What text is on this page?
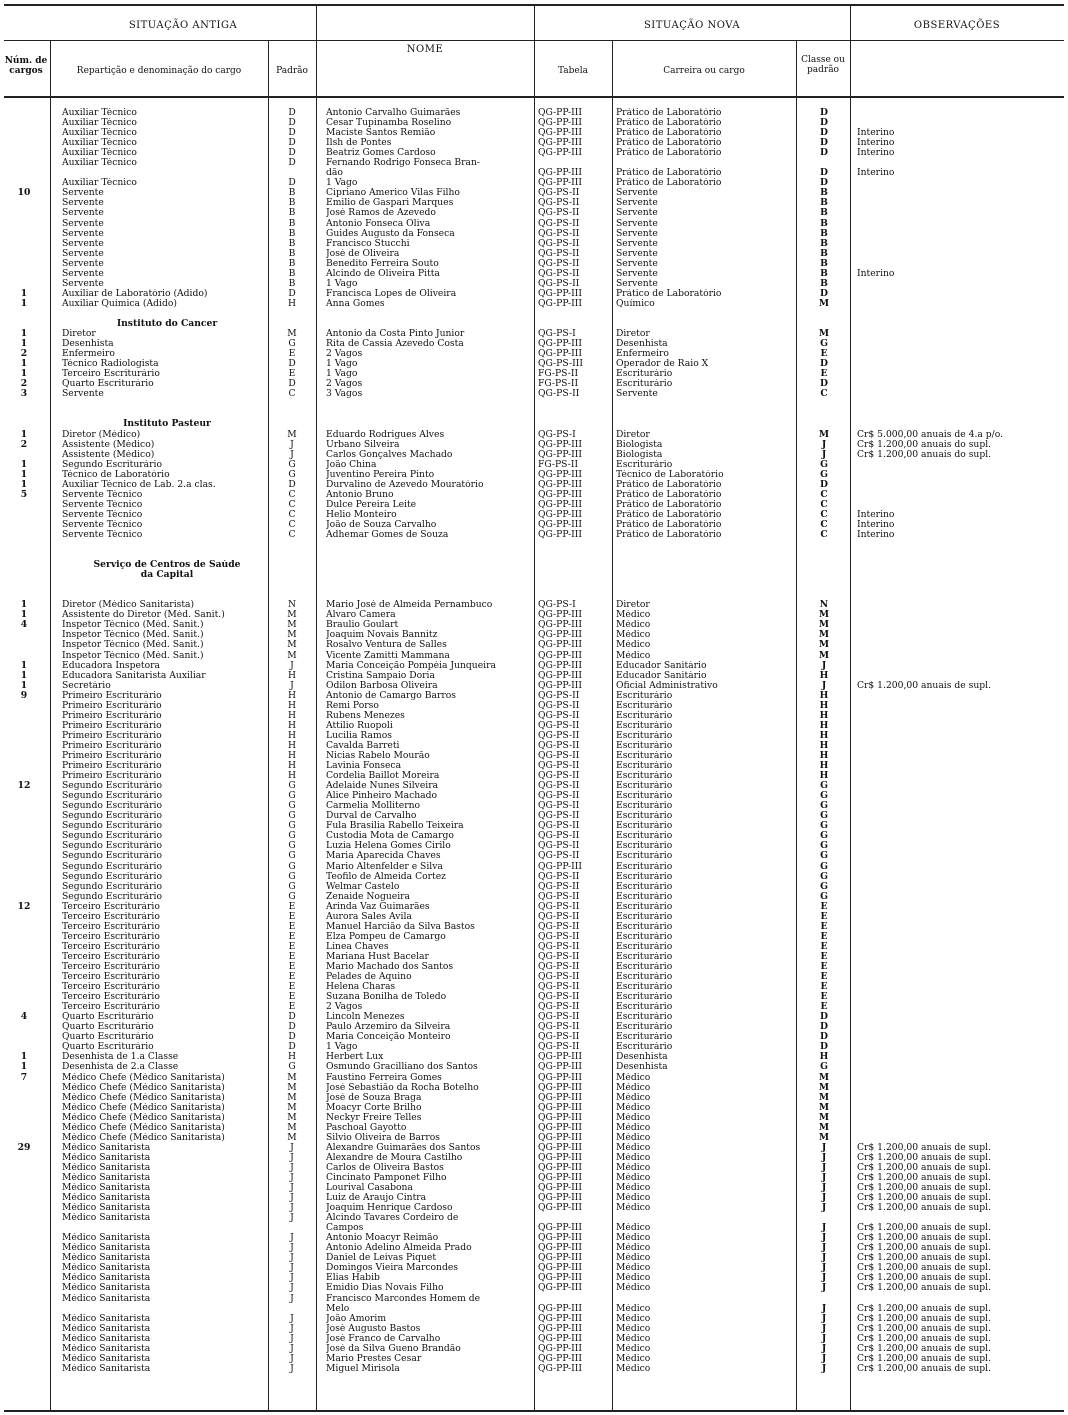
SITUAÇÃO ANTIGA
NOME
SITUAÇÃO NOVA	OBSERVAÇÕES
Núm. de cargos	Repartição e denominação do cargo	Padrão	Tabela	Carreira ou cargo
Classe ou padrão
Auxiliar Técnico	D	Antonio Carvalho Guimarães	QG-PP-III	Prático de Laboratório	D
Auxiliar Técnico	D	Cesar Tupinamba Roselino	QG-PP-III	Prático de Laboratório	D
Auxiliar Técnico	D	Maciste Santos Remião	QG-PP-III	Prático de Laboratório	D	Interino
Auxiliar Técnico	D	Ilsh de Pontes	QG-PP-III	Prático de Laboratório	D	Interino
Auxiliar Técnico	D	Beatriz Gomes Cardoso	QG-PP-III	Prático de Laboratório	D	Interino
Auxiliar Técnico	D	Fernando Rodrigo Fonseca Bran-
dão	QG-PP-III	Prático de Laboratório	D	Interino
Auxiliar Técnico	D	1 Vago	QG-PP-III	Prático de Laboratório	D
10	Servente	B	Cipriano Americo Vilas Filho	QG-PS-II	Servente	B
Servente	B	Emilio de Gaspari Marques	QG-PS-II	Servente	B
Servente	B	José Ramos de Azevedo	QG-PS-II	Servente	B
Servente	B	Antonio Fonseca Oliva	QG-PS-II	Servente	B
Servente	B	Guides Augusto da Fonseca	QG-PS-II	Servente	B
Servente	B	Francisco Stucchi	QG-PS-II	Servente	B
Servente	B	José de Oliveira	QG-PS-II	Servente	B
Servente	B	Benedito Ferreira Souto	QG-PS-II	Servente	B
Servente	B	Alcindo de Oliveira Pitta	QG-PS-II	Servente	B	Interino
Servente	B	1 Vago	QG-PS-II	Servente	B
1	Auxiliar de Laboratório (Adido)	D	Francisca Lopes de Oliveira	QG-PP-III	Prático de Laboratório	D
1	Auxiliar Química (Adido)	H	Anna Gomes	QG-PP-III	Químico	M
Instituto do Cancer
1	Diretor	M	Antonio da Costa Pinto Junior	QG-PS-I	Diretor	M
1	Desenhista	G	Rita de Cassia Azevedo Costa	QG-PP-III	Desenhista	G
2	Enfermeiro	E	2 Vagos	QG-PP-III	Enfermeiro	E
1	Técnico Radiologista	D	1 Vago	QG-PS-III	Operador de Raio X	D
1	Terceiro Escriturário	E	1 Vago	FG-PS-II	Escriturário	E
2	Quarto Escriturário	D	2 Vagos	FG-PS-II	Escriturário	D
3	Servente	C	3 Vagos	QG-PS-II	Servente	C
Instituto Pasteur
1	Diretor (Médico)	M	Eduardo Rodrigues Alves	QG-PS-I	Diretor	M	Cr$ 5.000,00 anuais de 4.a p/o.
2	Assistente (Médico)	J	Urbano Silveira	QG-PP-III	Biologista	J	Cr$ 1.200,00 anuais do supl.
Assistente (Médico)	J	Carlos Gonçalves Machado	QG-PP-III	Biologista	J	Cr$ 1.200,00 anuais do supl.
1	Segundo Escriturário	G	João China	FG-PS-II	Escriturário	G
1	Técnico de Laboratório	G	Juventino Pereira Pinto	QG-PP-III	Técnico de Laboratório	G
1	Auxiliar Técnico de Lab. 2.a clas.	D	Durvalino de Azevedo Mouratório	QG-PP-III	Prático de Laboratório	D
5	Servente Técnico	C	Antonio Bruno	QG-PP-III	Prático de Laboratório	C
Servente Técnico	C	Dulce Pereira Leite	QG-PP-III	Prático de Laboratório	C
Servente Técnico	C	Helio Monteiro	QG-PP-III	Prático de Laboratório	C	Interino
Servente Técnico	C	João de Souza Carvalho	QG-PP-III	Prático de Laboratório	C	Interino
Servente Técnico	C	Adhemar Gomes de Souza	QG-PP-III	Prático de Laboratório	C	Interino
Serviço de Centros de Saúde
da Capital
1	Diretor (Médico Sanitarista)	N	Mario José de Almeida Pernambuco	QG-PS-I	Diretor	N
1	Assistente do Diretor (Méd. Sanit.)	M	Alvaro Camera	QG-PP-III	Médico	M
4	Inspetor Técnico (Méd. Sanit.)	M	Braulio Goulart	QG-PP-III	Médico	M
Inspetor Técnico (Méd. Sanit.)	M	Joaquim Novais Bannitz	QG-PP-III	Médico	M
Inspetor Técnico (Méd. Sanit.)	M	Rosalvo Ventura de Salles	QG-PP-III	Médico	M
Inspetor Técnico (Méd. Sanit.)	M	Vicente Zamitti Mammana	QG-PP-III	Médico	M
1	Educadora Inspetora	J	Maria Conceição Pompéia Junqueira	QG-PP-III	Educador Sanitário	J
1	Educadora Sanitarista Auxiliar	H	Cristina Sampaio Doria	QG-PP-III	Educador Sanitário	H
1	Secretário	J	Odilon Barbosa Oliveira	QG-PP-III	Oficial Administrativo	J	Cr$ 1.200,00 anuais de supl.
9	Primeiro Escriturário	H	Antonio de Camargo Barros	QG-PS-II	Escriturário	H
Primeiro Escriturário	H	Remi Porso	QG-PS-II	Escriturário	H
Primeiro Escriturário	H	Rubens Menezes	QG-PS-II	Escriturário	H
Primeiro Escriturário	H	Attilio Ruopoli	QG-PS-II	Escriturário	H
Primeiro Escriturário	H	Lucilia Ramos	QG-PS-II	Escriturário	H
Primeiro Escriturário	H	Cavalda Barreti	QG-PS-II	Escriturário	H
Primeiro Escriturário	H	Nicias Rabelo Mourão	QG-PS-II	Escriturário	H
Primeiro Escriturário	H	Lavinia Fonseca	QG-PS-II	Escriturário	H
Primeiro Escriturário	H	Cordelia Baillot Moreira	QG-PS-II	Escriturário	H
12	Segundo Escriturário	G	Adelaide Nunes Silveira	QG-PS-II	Escriturário	G
Segundo Escriturário	G	Alice Pinheiro Machado	QG-PS-II	Escriturário	G
Segundo Escriturário	G	Carmelia Molliterno	QG-PS-II	Escriturário	G
Segundo Escriturário	G	Durval de Carvalho	QG-PS-II	Escriturário	G
Segundo Escriturário	G	Fula Brasilia Rabello Teixeira	QG-PS-II	Escriturário	G
Segundo Escriturário	G	Custodia Mota de Camargo	QG-PS-II	Escriturário	G
Segundo Escriturário	G	Luzia Helena Gomes Cirilo	QG-PS-II	Escriturário	G
Segundo Escriturário	G	Maria Aparecida Chaves	QG-PS-II	Escriturário	G
Segundo Escriturário	G	Mario Altenfelder e Silva	QG-PP-III	Escriturário	G
Segundo Escriturário	G	Teofilo de Almeida Cortez	QG-PS-II	Escriturário	G
Segundo Escriturário	G	Welmar Castelo	QG-PS-II	Escriturário	G
Segundo Escriturário	G	Zenaide Nogueira	QG-PS-II	Escriturário	G
12	Terceiro Escriturário	E	Arinda Vaz Guimarães	QG-PS-II	Escriturário	E
Terceiro Escriturário	E	Aurora Sales Avila	QG-PS-II	Escriturário	E
Terceiro Escriturário	E	Manuel Harcião da Silva Bastos	QG-PS-II	Escriturário	E
Terceiro Escriturário	E	Elza Pompeu de Camargo	QG-PS-II	Escriturário	E
Terceiro Escriturário	E	Linea Chaves	QG-PS-II	Escriturário	E
Terceiro Escriturário	E	Mariana Hust Bacelar	QG-PS-II	Escriturário	E
Terceiro Escriturário	E	Mario Machado dos Santos	QG-PS-II	Escriturário	E
Terceiro Escriturário	E	Pelades de Aquino	QG-PS-II	Escriturário	E
Terceiro Escriturário	E	Helena Charas	QG-PS-II	Escriturário	E
Terceiro Escriturário	E	Suzana Bonilha de Toledo	QG-PS-II	Escriturário	E
Terceiro Escriturário	E	2 Vagos	QG-PS-II	Escriturário	E
4	Quarto Escriturário	D	Lincoln Menezes	QG-PS-II	Escriturário	D
Quarto Escriturário	D	Paulo Arzemiro da Silveira	QG-PS-II	Escriturário	D
Quarto Escriturário	D	Maria Conceição Monteiro	QG-PS-II	Escriturário	D
Quarto Escriturário	D	1 Vago	QG-PS-II	Escriturário	D
1	Desenhista de 1.a Classe	H	Herbert Lux	QG-PP-III	Desenhista	H
1	Desenhista de 2.a Classe	G	Osmundo Gracilliano dos Santos	QG-PP-III	Desenhista	G
7	Médico Chefe (Médico Sanitarista)	M	Faustino Ferreira Gomes	QG-PP-III	Médico	M
Médico Chefe (Médico Sanitarista)	M	José Sebastião da Rocha Botelho	QG-PP-III	Médico	M
Médico Chefe (Médico Sanitarista)	M	José de Souza Braga	QG-PP-III	Médico	M
Médico Chefe (Médico Sanitarista)	M	Moacyr Corte Brilho	QG-PP-III	Médico	M
Médico Chefe (Médico Sanitarista)	M	Neckyr Freire Telles	QG-PP-III	Médico	M
Médico Chefe (Médico Sanitarista)	M	Paschoal Gayotto	QG-PP-III	Médico	M
Médico Chefe (Médico Sanitarista)	M	Silvio Oliveira de Barros	QG-PP-III	Médico	M
29	Médico Sanitarista	J	Alexandre Guimarães dos Santos	QG-PP-III	Médico	J	Cr$ 1.200,00 anuais de supl.
Médico Sanitarista	J	Alexandre de Moura Castilho	QG-PP-III	Médico	J	Cr$ 1.200,00 anuais de supl.
Médico Sanitarista	J	Carlos de Oliveira Bastos	QG-PP-III	Médico	J	Cr$ 1.200,00 anuais de supl.
Médico Sanitarista	J	Cincinato Pamponet Filho	QG-PP-III	Médico	J	Cr$ 1.200,00 anuais de supl.
Médico Sanitarista	J	Lourival Casabona	QG-PP-III	Médico	J	Cr$ 1.200,00 anuais de supl.
Médico Sanitarista	J	Luiz de Araujo Cintra	QG-PP-III	Médico	J	Cr$ 1.200,00 anuais de supl.
Médico Sanitarista	J	Joaquim Henrique Cardoso	QG-PP-III	Médico	J	Cr$ 1.200,00 anuais de supl.
Médico Sanitarista	J	Alcindo Tavares Cordeiro de
Campos	QG-PP-III	Médico	J	Cr$ 1.200,00 anuais de supl.
Médico Sanitarista	J	Antonio Moacyr Reimão	QG-PP-III	Médico	J	Cr$ 1.200,00 anuais de supl.
Médico Sanitarista	J	Antonio Adelino Almeida Prado	QG-PP-III	Médico	J	Cr$ 1.200,00 anuais de supl.
Médico Sanitarista	J	Daniel de Leivas Piquet	QG-PP-III	Médico	J	Cr$ 1.200,00 anuais de supl.
Médico Sanitarista	J	Domingos Vieira Marcondes	QG-PP-III	Médico	J	Cr$ 1.200,00 anuais de supl.
Médico Sanitarista	J	Elias Habib	QG-PP-III	Médico	J	Cr$ 1.200,00 anuais de supl.
Médico Sanitarista	J	Emidio Dias Novais Filho	QG-PP-III	Médico	J	Cr$ 1.200,00 anuais de supl.
Médico Sanitarista	J	Francisco Marcondes Homem de
Melo	QG-PP-III	Médico	J	Cr$ 1.200,00 anuais de supl.
Médico Sanitarista	J	João Amorim	QG-PP-III	Médico	J	Cr$ 1.200,00 anuais de supl.
Médico Sanitarista	J	José Augusto Bastos	QG-PP-III	Médico	J	Cr$ 1.200,00 anuais de supl.
Médico Sanitarista	J	José Franco de Carvalho	QG-PP-III	Médico	J	Cr$ 1.200,00 anuais de supl.
Médico Sanitarista	J	José da Silva Gueno Brandão	QG-PP-III	Médico	J	Cr$ 1.200,00 anuais de supl.
Médico Sanitarista	J	Mario Prestes Cesar	QG-PP-III	Médico	J	Cr$ 1.200,00 anuais de supl.
Médico Sanitarista	J	Miguel Mirisola	QG-PP-III	Médico	J	Cr$ 1.200,00 anuais de supl.
